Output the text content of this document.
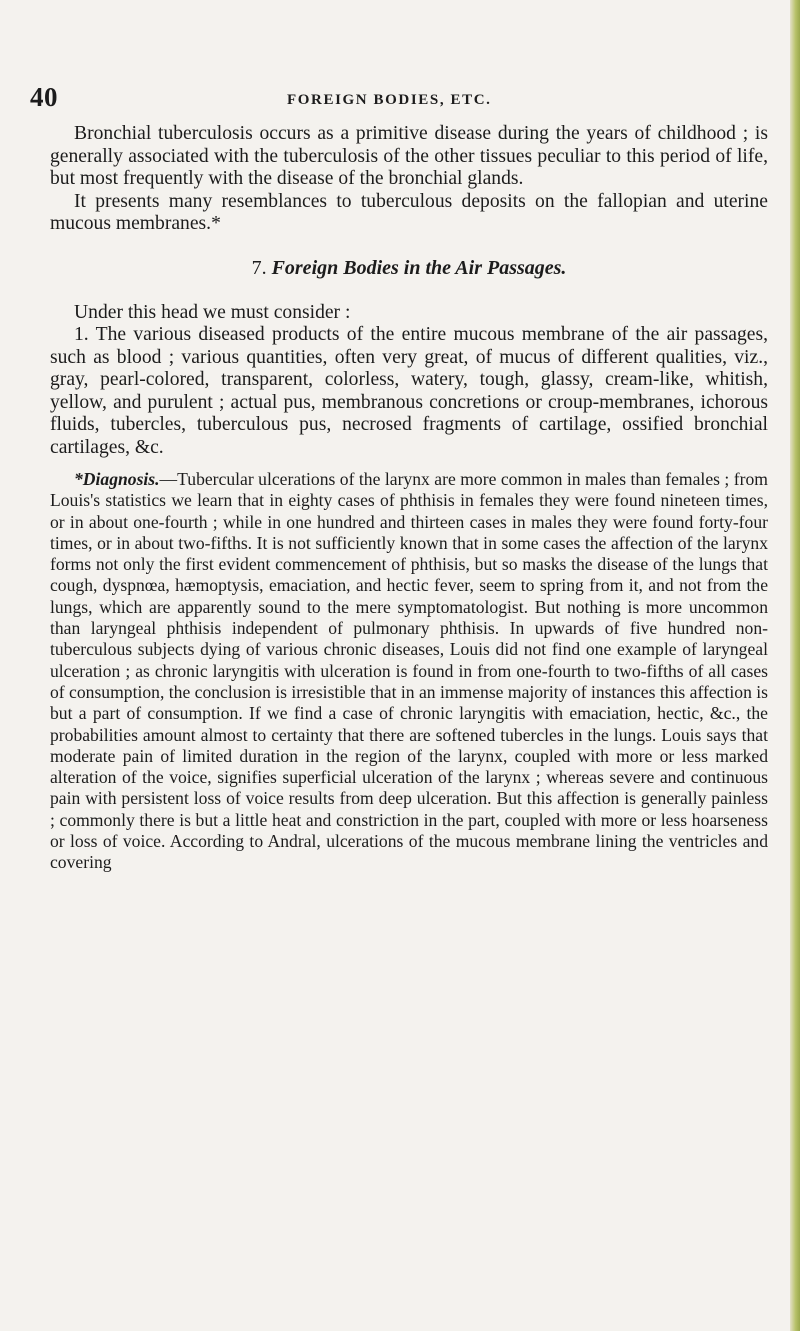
40	FOREIGN BODIES, ETC.

Bronchial tuberculosis occurs as a primitive disease during the years of childhood ; is generally associated with the tuberculosis of the other tissues peculiar to this period of life, but most frequently with the disease of the bronchial glands.

It presents many resemblances to tuberculous deposits on the fallopian and uterine mucous membranes.*

7. Foreign Bodies in the Air Passages.

Under this head we must consider :

1. The various diseased products of the entire mucous membrane of the air passages, such as blood ; various quantities, often very great, of mucus of different qualities, viz., gray, pearl-colored, transparent, colorless, watery, tough, glassy, cream-like, whitish, yellow, and purulent ; actual pus, membranous concretions or croup-membranes, ichorous fluids, tubercles, tuberculous pus, necrosed fragments of cartilage, ossified bronchial cartilages, &c.

*Diagnosis.—Tubercular ulcerations of the larynx are more common in males than females ; from Louis's statistics we learn that in eighty cases of phthisis in females they were found nineteen times, or in about one-fourth ; while in one hundred and thirteen cases in males they were found forty-four times, or in about two-fifths. It is not sufficiently known that in some cases the affection of the larynx forms not only the first evident commencement of phthisis, but so masks the disease of the lungs that cough, dyspnœa, hæmoptysis, emaciation, and hectic fever, seem to spring from it, and not from the lungs, which are apparently sound to the mere symptomatologist. But nothing is more uncommon than laryngeal phthisis independent of pulmonary phthisis. In upwards of five hundred non-tuberculous subjects dying of various chronic diseases, Louis did not find one example of laryngeal ulceration ; as chronic laryngitis with ulceration is found in from one-fourth to two-fifths of all cases of consumption, the conclusion is irresistible that in an immense majority of instances this affection is but a part of consumption. If we find a case of chronic laryngitis with emaciation, hectic, &c., the probabilities amount almost to certainty that there are softened tubercles in the lungs. Louis says that moderate pain of limited duration in the region of the larynx, coupled with more or less marked alteration of the voice, signifies superficial ulceration of the larynx ; whereas severe and continuous pain with persistent loss of voice results from deep ulceration. But this affection is generally painless ; commonly there is but a little heat and constriction in the part, coupled with more or less hoarseness or loss of voice. According to Andral, ulcerations of the mucous membrane lining the ventricles and covering
